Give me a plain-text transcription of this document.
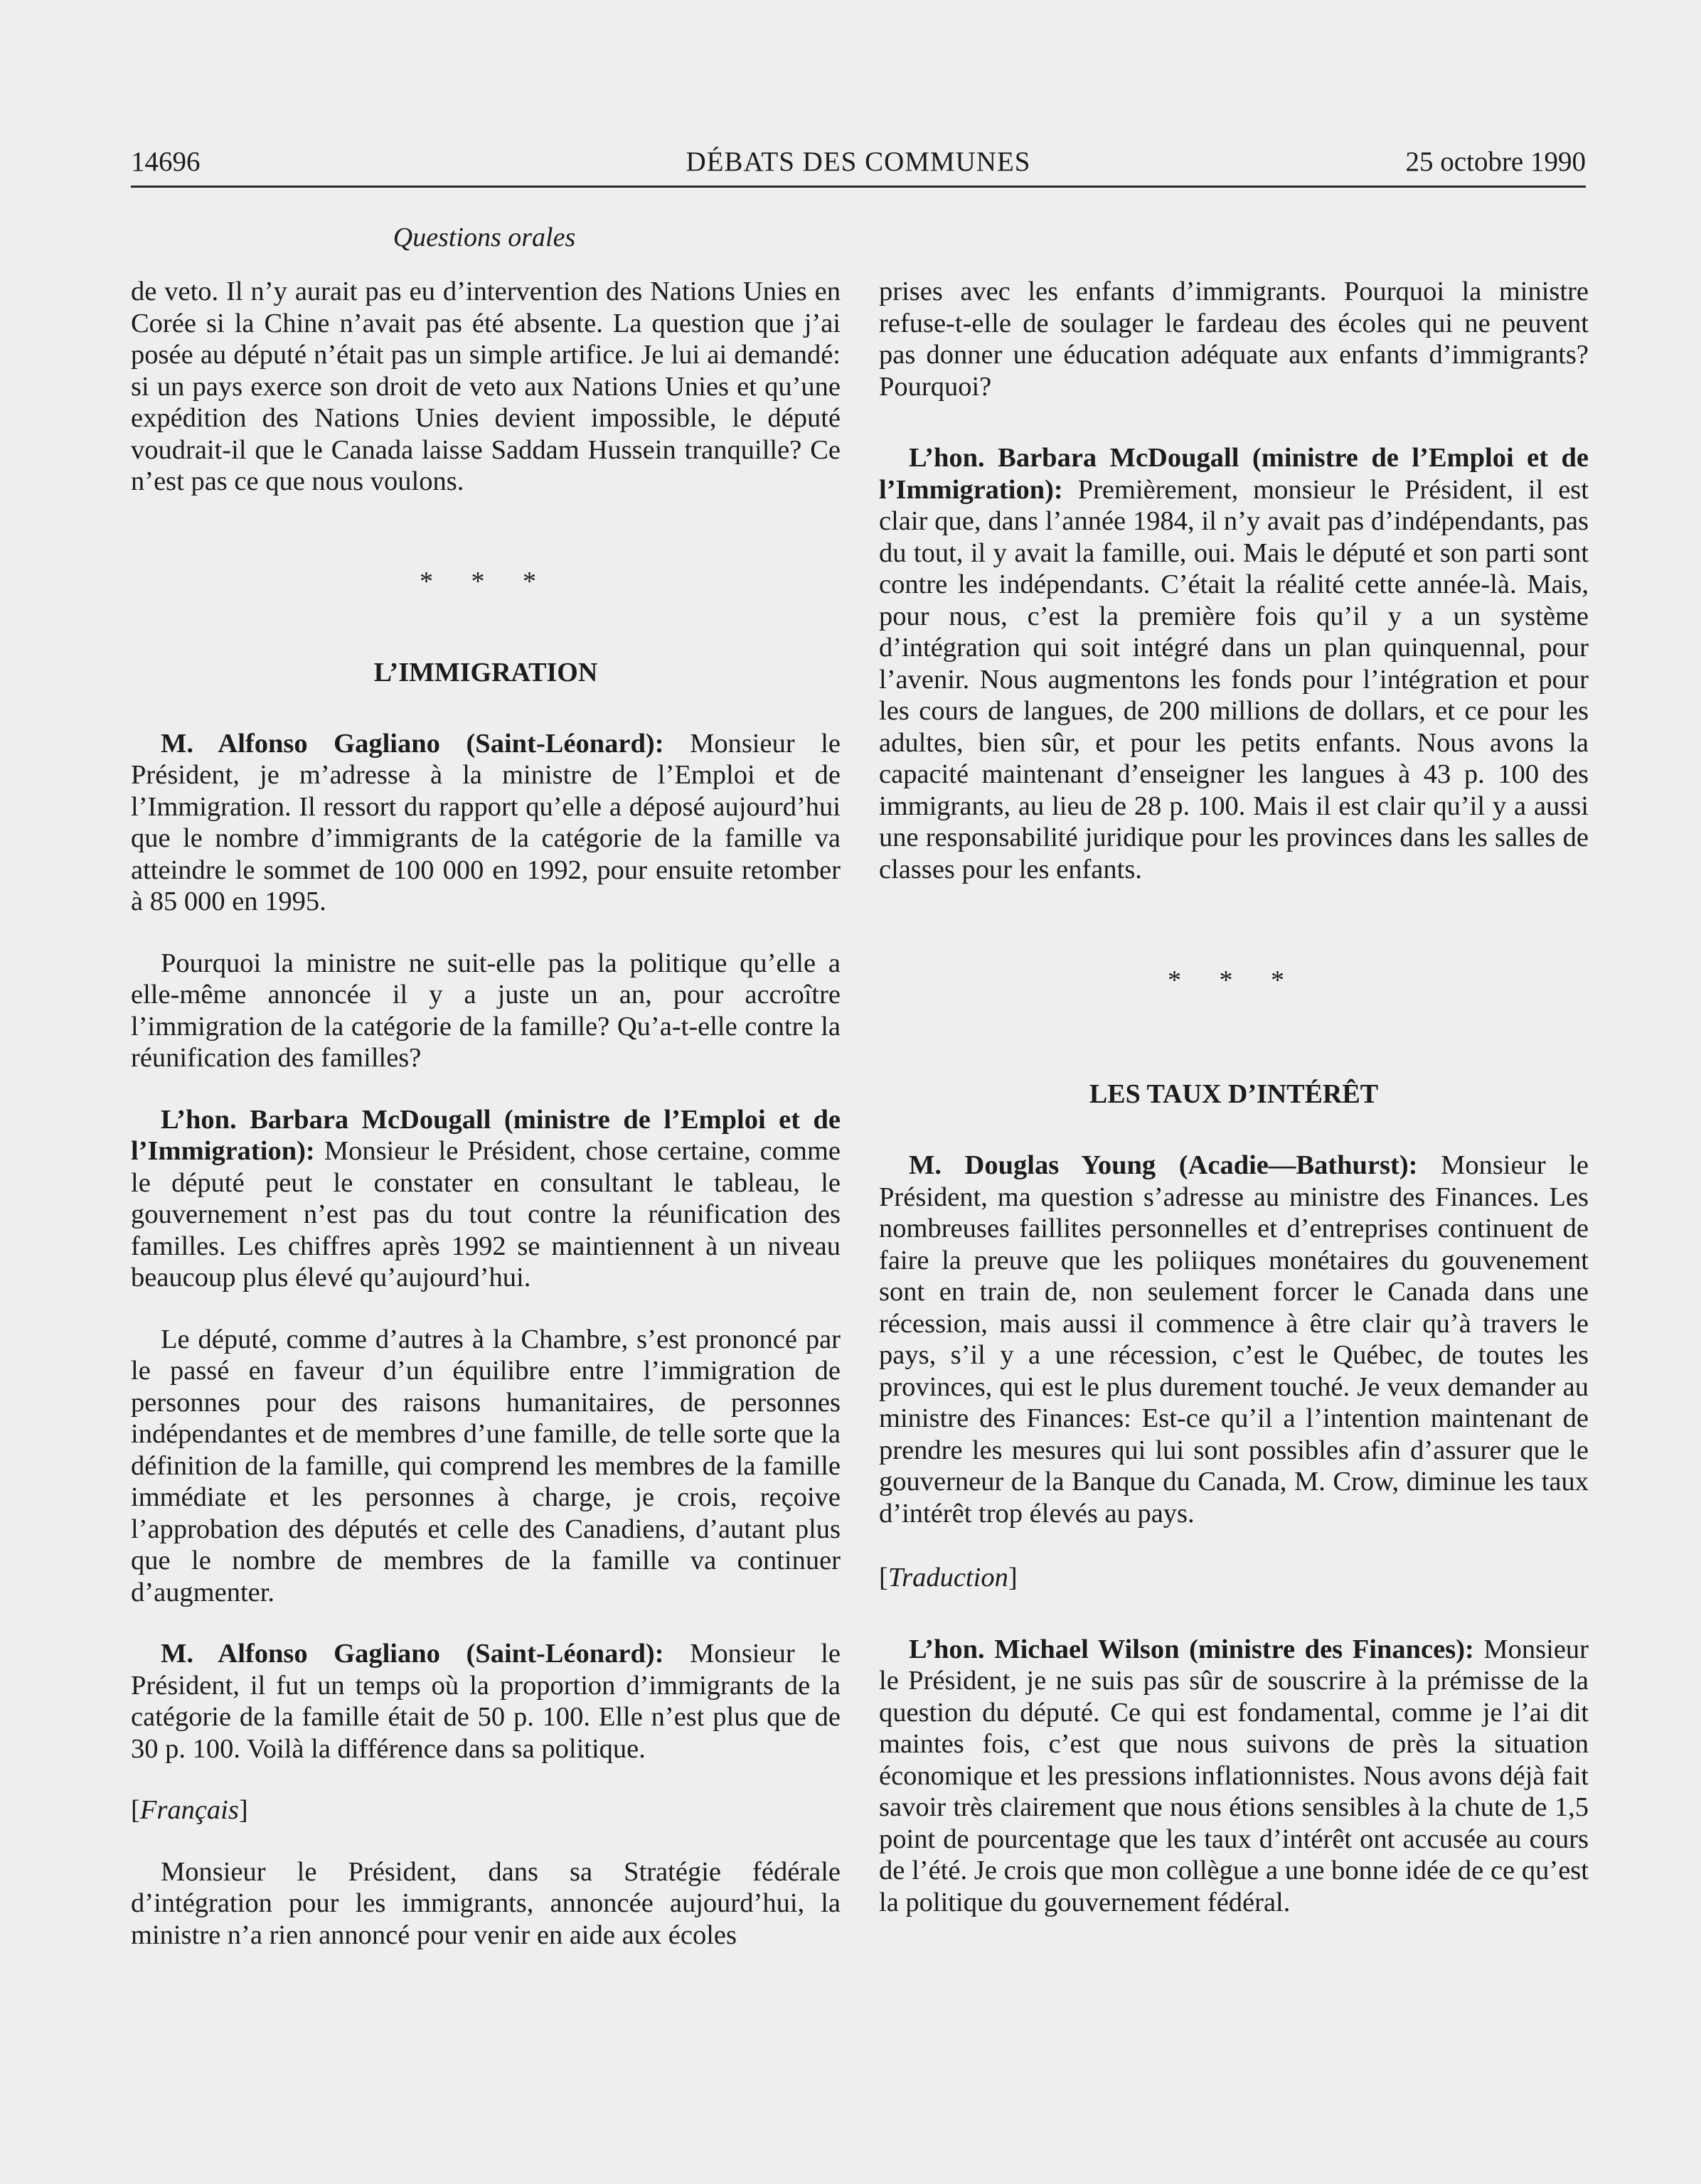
14696	DÉBATS DES COMMUNES	25 octobre 1990
Questions orales

de veto. Il n’y aurait pas eu d’intervention des Nations Unies en Corée si la Chine n’avait pas été absente. La question que j’ai posée au député n’était pas un simple artifice. Je lui ai demandé: si un pays exerce son droit de veto aux Nations Unies et qu’une expédition des Nations Unies devient impossible, le député voudrait-il que le Canada laisse Saddam Hussein tranquille? Ce n’est pas ce que nous voulons.

* * *
L’IMMIGRATION

M. Alfonso Gagliano (Saint-Léonard): Monsieur le Président, je m’adresse à la ministre de l’Emploi et de l’Immigration. Il ressort du rapport qu’elle a déposé aujourd’hui que le nombre d’immigrants de la catégorie de la famille va atteindre le sommet de 100 000 en 1992, pour ensuite retomber à 85 000 en 1995.

Pourquoi la ministre ne suit-elle pas la politique qu’elle a elle-même annoncée il y a juste un an, pour accroître l’immigration de la catégorie de la famille? Qu’a-t-elle contre la réunification des familles?

L’hon. Barbara McDougall (ministre de l’Emploi et de l’Immigration): Monsieur le Président, chose certaine, comme le député peut le constater en consultant le tableau, le gouvernement n’est pas du tout contre la réunification des familles. Les chiffres après 1992 se maintiennent à un niveau beaucoup plus élevé qu’aujourd’hui.

Le député, comme d’autres à la Chambre, s’est prononcé par le passé en faveur d’un équilibre entre l’immigration de personnes pour des raisons humanitaires, de personnes indépendantes et de membres d’une famille, de telle sorte que la définition de la famille, qui comprend les membres de la famille immédiate et les personnes à charge, je crois, reçoive l’approbation des députés et celle des Canadiens, d’autant plus que le nombre de membres de la famille va continuer d’augmenter.

M. Alfonso Gagliano (Saint-Léonard): Monsieur le Président, il fut un temps où la proportion d’immigrants de la catégorie de la famille était de 50 p. 100. Elle n’est plus que de 30 p. 100. Voilà la différence dans sa politique.

[Français]

Monsieur le Président, dans sa Stratégie fédérale d’intégration pour les immigrants, annoncée aujourd’hui, la ministre n’a rien annoncé pour venir en aide aux écoles

prises avec les enfants d’immigrants. Pourquoi la ministre refuse-t-elle de soulager le fardeau des écoles qui ne peuvent pas donner une éducation adéquate aux enfants d’immigrants? Pourquoi?

L’hon. Barbara McDougall (ministre de l’Emploi et de l’Immigration): Premièrement, monsieur le Président, il est clair que, dans l’année 1984, il n’y avait pas d’indépendants, pas du tout, il y avait la famille, oui. Mais le député et son parti sont contre les indépendants. C’était la réalité cette année-là. Mais, pour nous, c’est la première fois qu’il y a un système d’intégration qui soit intégré dans un plan quinquennal, pour l’avenir. Nous augmentons les fonds pour l’intégration et pour les cours de langues, de 200 millions de dollars, et ce pour les adultes, bien sûr, et pour les petits enfants. Nous avons la capacité maintenant d’enseigner les langues à 43 p. 100 des immigrants, au lieu de 28 p. 100. Mais il est clair qu’il y a aussi une responsabilité juridique pour les provinces dans les salles de classes pour les enfants.

* * *
LES TAUX D’INTÉRÊT

M. Douglas Young (Acadie—Bathurst): Monsieur le Président, ma question s’adresse au ministre des Finances. Les nombreuses faillites personnelles et d’entreprises continuent de faire la preuve que les poliiques monétaires du gouvenement sont en train de, non seulement forcer le Canada dans une récession, mais aussi il commence à être clair qu’à travers le pays, s’il y a une récession, c’est le Québec, de toutes les provinces, qui est le plus durement touché. Je veux demander au ministre des Finances: Est-ce qu’il a l’intention maintenant de prendre les mesures qui lui sont possibles afin d’assurer que le gouverneur de la Banque du Canada, M. Crow, diminue les taux d’intérêt trop élevés au pays.

[Traduction]

L’hon. Michael Wilson (ministre des Finances): Monsieur le Président, je ne suis pas sûr de souscrire à la prémisse de la question du député. Ce qui est fondamental, comme je l’ai dit maintes fois, c’est que nous suivons de près la situation économique et les pressions inflationnistes. Nous avons déjà fait savoir très clairement que nous étions sensibles à la chute de 1,5 point de pourcentage que les taux d’intérêt ont accusée au cours de l’été. Je crois que mon collègue a une bonne idée de ce qu’est la politique du gouvernement fédéral.
